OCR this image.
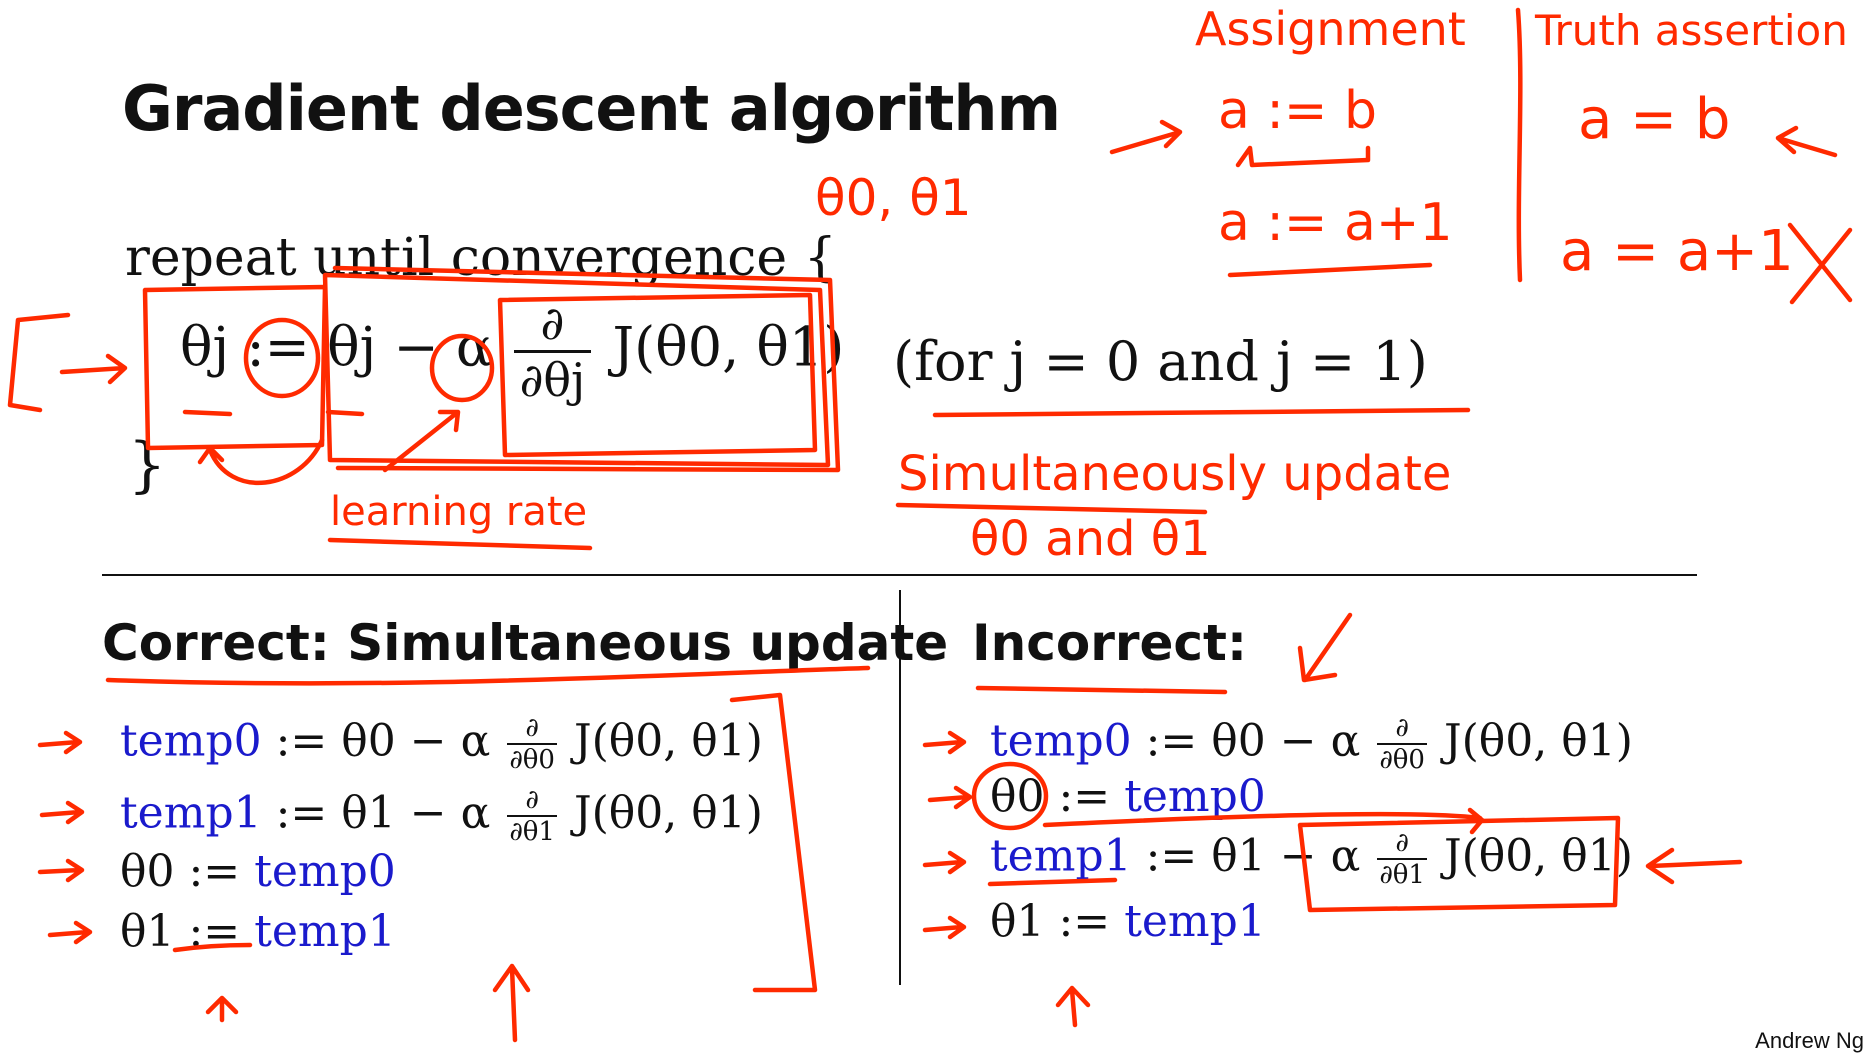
Gradient descent algorithm
repeat until convergence {
θj := θj − α $\frac{\partial}{\partial\theta j} J(\theta 0$, θ1)
}
(for j = 0 and j = 1)
Correct: Simultaneous update Incorrect:
temp0 := θ0 − α $\frac{\partial}{\partial\theta 0} J(\theta 0$, θ1)
temp1 := θ1 − α $\frac{\partial}{\partial\theta 1} J(\theta 0$, θ1)
θ0 := temp0
θ1 := temp1
temp0 := θ0 − α $\frac{\partial}{\partial\theta 0} J(\theta 0$, θ1)
θ0 := temp0
temp1 := θ1 − α $\frac{\partial}{\partial\theta 1} J(\theta 0$, θ1)
θ1 := temp1
Andrew Ng
Assignment Truth assertion
a := b
a := a+1
a = b
a = a+1
θ0, θ1
learning rate
Simultaneously update
θ0 and θ1
